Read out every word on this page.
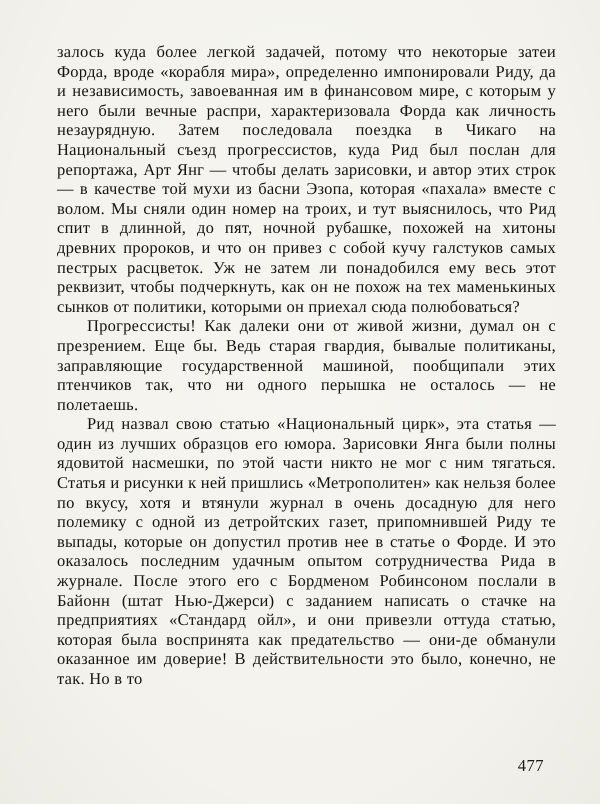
залось куда более легкой задачей, потому что некоторые затеи Форда, вроде «корабля мира», определенно импонировали Риду, да и независимость, завоеванная им в финансовом мире, с которым у него были вечные распри, характеризовала Форда как личность незаурядную. Затем последовала поездка в Чикаго на Национальный съезд прогрессистов, куда Рид был послан для репортажа, Арт Янг — чтобы делать зарисовки, и автор этих строк — в качестве той мухи из басни Эзопа, которая «пахала» вместе с волом. Мы сняли один номер на троих, и тут выяснилось, что Рид спит в длинной, до пят, ночной рубашке, похожей на хитоны древних пророков, и что он привез с собой кучу галстуков самых пестрых расцветок. Уж не затем ли понадобился ему весь этот реквизит, чтобы подчеркнуть, как он не похож на тех маменькиных сынков от политики, которыми он приехал сюда полюбоваться?

Прогрессисты! Как далеки они от живой жизни, думал он с презрением. Еще бы. Ведь старая гвардия, бывалые политиканы, заправляющие государственной машиной, пообщипали этих птенчиков так, что ни одного перышка не осталось — не полетаешь.

Рид назвал свою статью «Национальный цирк», эта статья — один из лучших образцов его юмора. Зарисовки Янга были полны ядовитой насмешки, по этой части никто не мог с ним тягаться. Статья и рисунки к ней пришлись «Метрополитен» как нельзя более по вкусу, хотя и втянули журнал в очень досадную для него полемику с одной из детройтских газет, припомнившей Риду те выпады, которые он допустил против нее в статье о Форде. И это оказалось последним удачным опытом сотрудничества Рида в журнале. После этого его с Бордменом Робинсоном послали в Байонн (штат Нью-Джерси) с заданием написать о стачке на предприятиях «Стандард ойл», и они привезли оттуда статью, которая была воспринята как предательство — они-де обманули оказанное им доверие! В действительности это было, конечно, не так. Но в то

477
